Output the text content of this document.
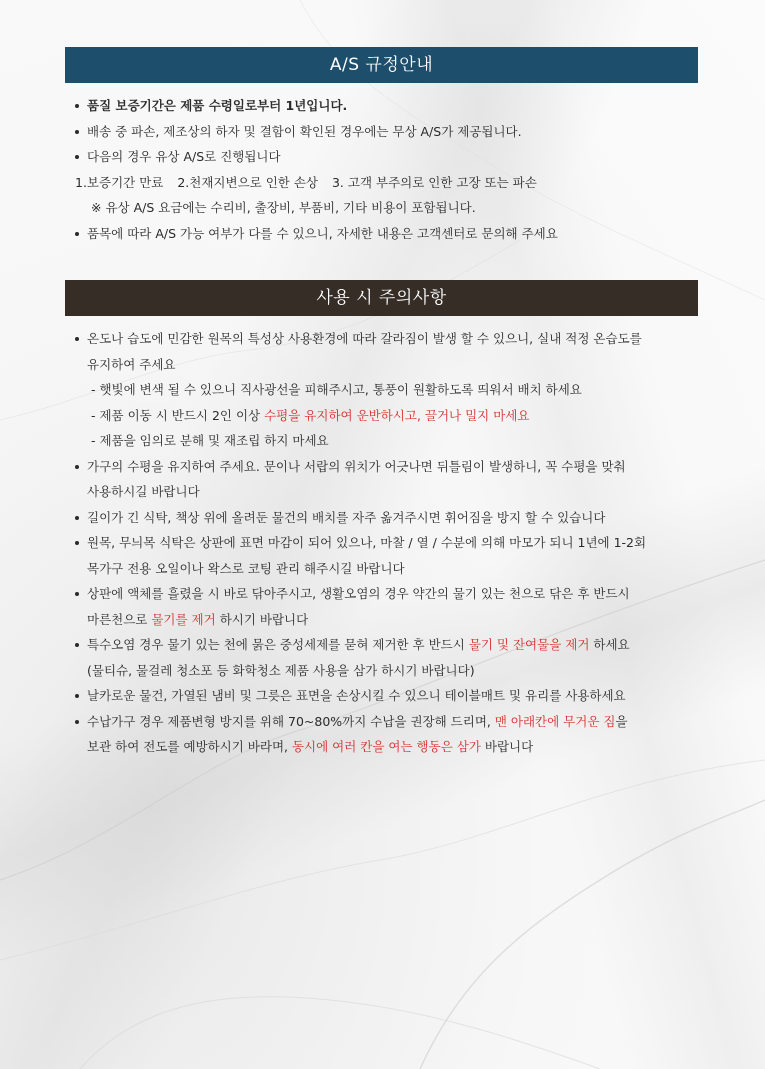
A/S 규정안내
품질 보증기간은 제품 수령일로부터 1년입니다.
배송 중 파손, 제조상의 하자 및 결함이 확인된 경우에는 무상 A/S가 제공됩니다.
다음의 경우 유상 A/S로 진행됩니다
1.보증기간 만료 2.천재지변으로 인한 손상 3. 고객 부주의로 인한 고장 또는 파손
※ 유상 A/S 요금에는 수리비, 출장비, 부품비, 기타 비용이 포함됩니다.
품목에 따라 A/S 가능 여부가 다를 수 있으니, 자세한 내용은 고객센터로 문의해 주세요
사용 시 주의사항
온도나 습도에 민감한 원목의 특성상 사용환경에 따라 갈라짐이 발생 할 수 있으니, 실내 적정 온습도를
유지하여 주세요
- 햇빛에 변색 될 수 있으니 직사광선을 피해주시고, 통풍이 원활하도록 띄워서 배치 하세요
- 제품 이동 시 반드시 2인 이상 수평을 유지하여 운반하시고, 끌거나 밀지 마세요
- 제품을 임의로 분해 및 재조립 하지 마세요
가구의 수평을 유지하여 주세요. 문이나 서랍의 위치가 어긋나면 뒤틀림이 발생하니, 꼭 수평을 맞춰
사용하시길 바랍니다
길이가 긴 식탁, 책상 위에 올려둔 물건의 배치를 자주 옮겨주시면 휘어짐을 방지 할 수 있습니다
원목, 무늬목 식탁은 상판에 표면 마감이 되어 있으나, 마찰 / 열 / 수분에 의해 마모가 되니 1년에 1-2회
목가구 전용 오일이나 왁스로 코팅 관리 해주시길 바랍니다
상판에 액체를 흘렸을 시 바로 닦아주시고, 생활오염의 경우 약간의 물기 있는 천으로 닦은 후 반드시
마른천으로 물기를 제거 하시기 바랍니다
특수오염 경우 물기 있는 천에 묽은 중성세제를 묻혀 제거한 후 반드시 물기 및 잔여물을 제거 하세요
(물티슈, 물걸레 청소포 등 화학청소 제품 사용을 삼가 하시기 바랍니다)
날카로운 물건, 가열된 냄비 및 그릇은 표면을 손상시킬 수 있으니 테이블매트 및 유리를 사용하세요
수납가구 경우 제품변형 방지를 위해 70~80%까지 수납을 권장해 드리며, 맨 아래칸에 무거운 짐을
보관 하여 전도를 예방하시기 바라며, 동시에 여러 칸을 여는 행동은 삼가 바랍니다
